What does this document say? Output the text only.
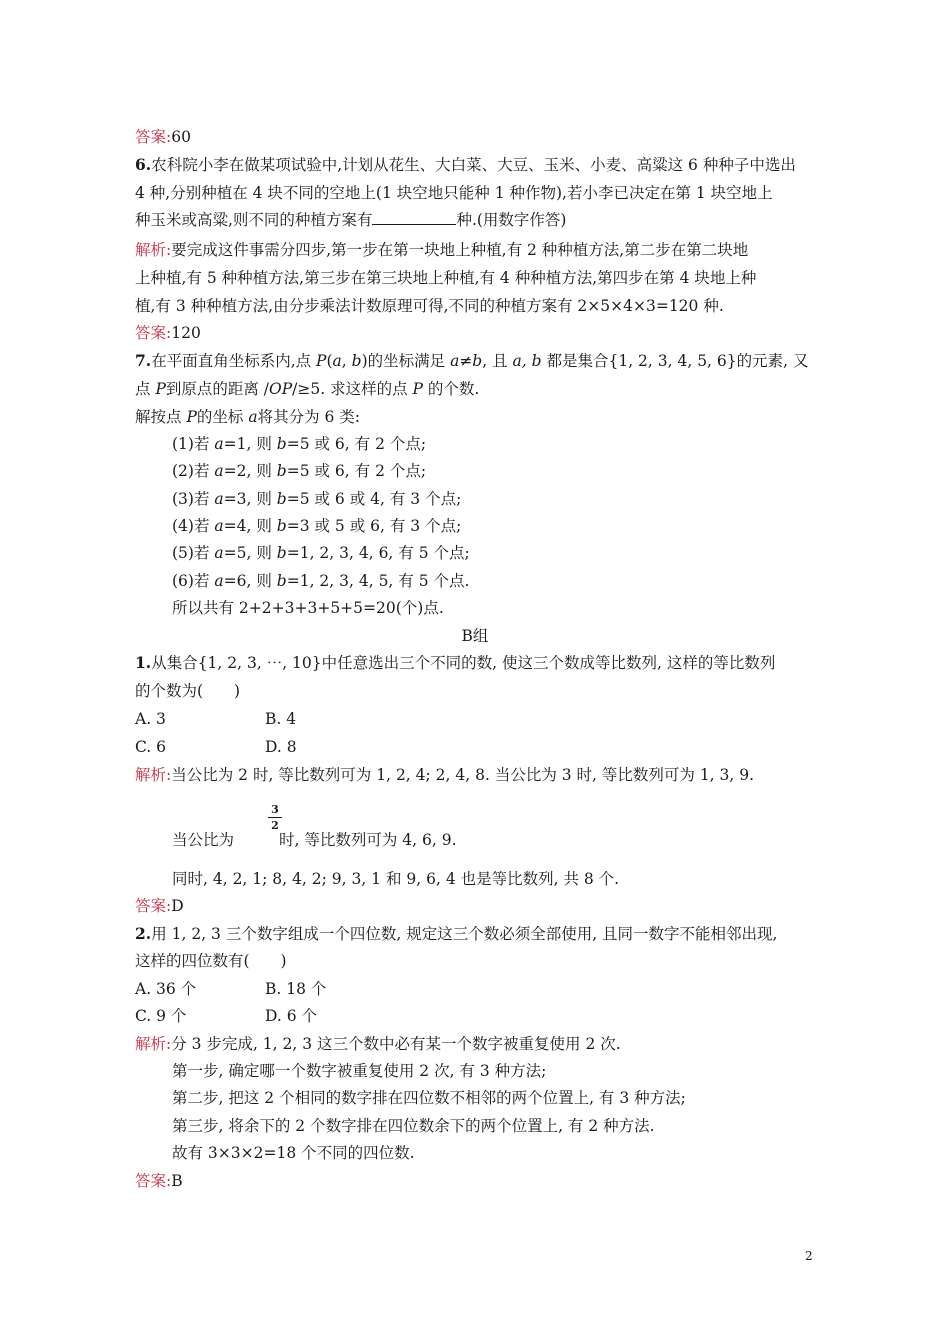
答案:60
6.农科院小李在做某项试验中,计划从花生、大白菜、大豆、玉米、小麦、高粱这 6 种种子中选出
4 种,分别种植在 4 块不同的空地上(1 块空地只能种 1 种作物),若小李已决定在第 1 块空地上
种玉米或高粱,则不同的种植方案有	种.(用数字作答)
解析:要完成这件事需分四步,第一步在第一块地上种植,有 2 种种植方法,第二步在第二块地
上种植,有 5 种种植方法,第三步在第三块地上种植,有 4 种种植方法,第四步在第 4 块地上种
植,有 3 种种植方法,由分步乘法计数原理可得,不同的种植方案有 2×5×4×3=120 种.
答案:120
7.在平面直角坐标系内,点 P(a, b)的坐标满足 a≠b, 且 a, b 都是集合{1, 2, 3, 4, 5, 6}的元素, 又
点 P到原点的距离 /OP/≥5. 求这样的点 P 的个数.
解按点 P的坐标 a将其分为 6 类:
(1)若 a=1, 则 b=5 或 6, 有 2 个点;
(2)若 a=2, 则 b=5 或 6, 有 2 个点;
(3)若 a=3, 则 b=5 或 6 或 4, 有 3 个点;
(4)若 a=4, 则 b=3 或 5 或 6, 有 3 个点;
(5)若 a=5, 则 b=1, 2, 3, 4, 6, 有 5 个点;
(6)若 a=6, 则 b=1, 2, 3, 4, 5, 有 5 个点.
所以共有 2+2+3+3+5+5=20(个)点.
B组
1.从集合{1, 2, 3, ⋯, 10}中任意选出三个不同的数, 使这三个数成等比数列, 这样的等比数列
的个数为(　　)
A. 3	B. 4
C. 6	D. 8
解析:当公比为 2 时, 等比数列可为 1, 2, 4; 2, 4, 8. 当公比为 3 时, 等比数列可为 1, 3, 9.
当公比为
3
2
时, 等比数列可为 4, 6, 9.
同时, 4, 2, 1; 8, 4, 2; 9, 3, 1 和 9, 6, 4 也是等比数列, 共 8 个.
答案:D
2.用 1, 2, 3 三个数字组成一个四位数, 规定这三个数必须全部使用, 且同一数字不能相邻出现,
这样的四位数有(　　)
A. 36 个	B. 18 个
C. 9 个	D. 6 个
解析:分 3 步完成, 1, 2, 3 这三个数中必有某一个数字被重复使用 2 次.
第一步, 确定哪一个数字被重复使用 2 次, 有 3 种方法;
第二步, 把这 2 个相同的数字排在四位数不相邻的两个位置上, 有 3 种方法;
第三步, 将余下的 2 个数字排在四位数余下的两个位置上, 有 2 种方法.
故有 3×3×2=18 个不同的四位数.
答案:B
2
